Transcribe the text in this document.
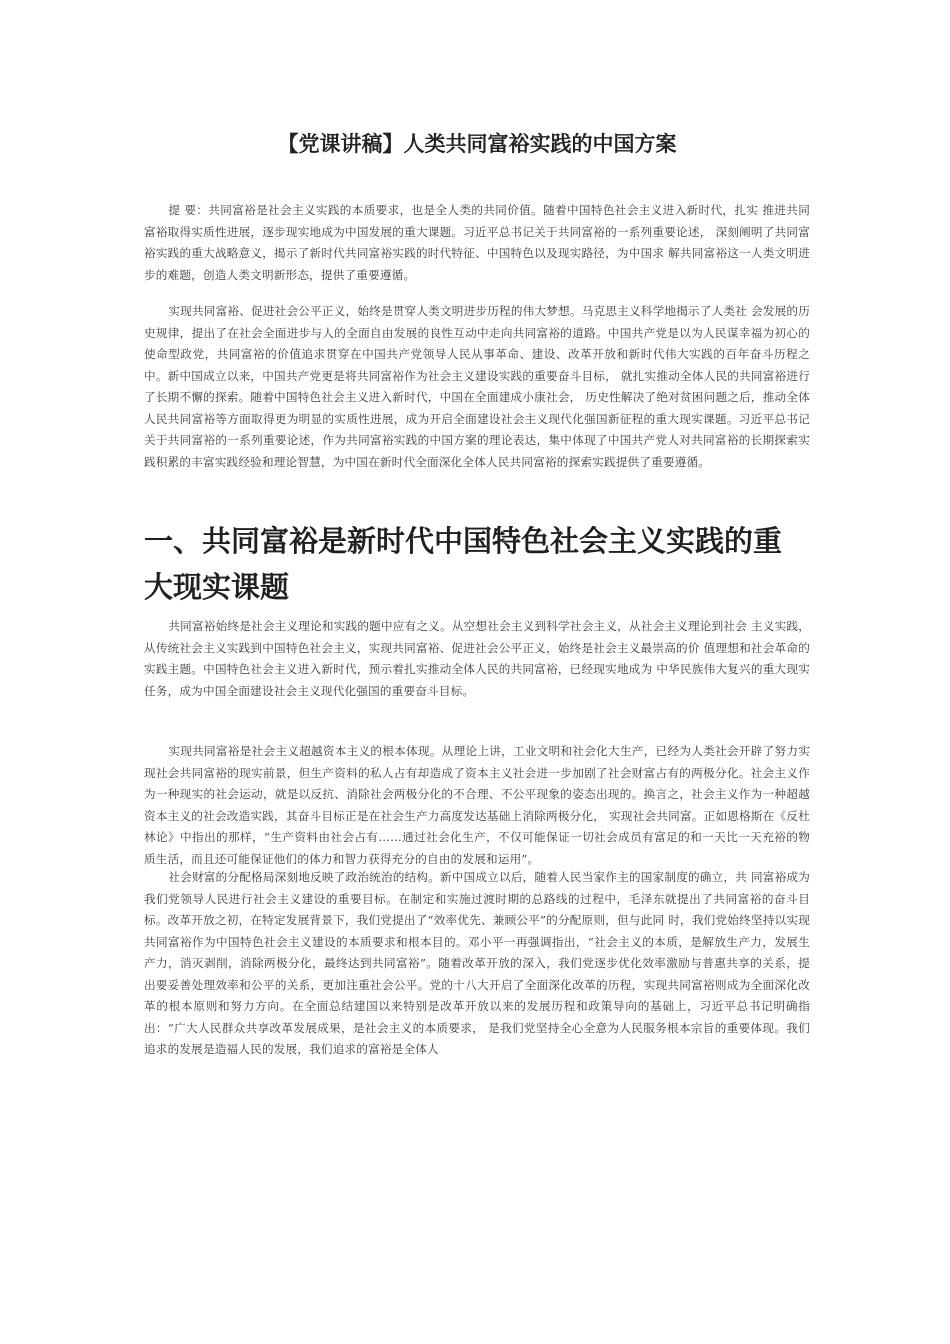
【党课讲稿】人类共同富裕实践的中国方案

提 要：共同富裕是社会主义实践的本质要求，也是全人类的共同价值。随着中国特色社会主义进入新时代，扎实 推进共同富裕取得实质性进展，逐步现实地成为中国发展的重大课题。习近平总书记关于共同富裕的一系列重要论述， 深刻阐明了共同富裕实践的重大战略意义，揭示了新时代共同富裕实践的时代特征、中国特色以及现实路径，为中国求 解共同富裕这一人类文明进步的难题，创造人类文明新形态，提供了重要遵循。

实现共同富裕、促进社会公平正义，始终是贯穿人类文明进步历程的伟大梦想。马克思主义科学地揭示了人类社 会发展的历史规律，提出了在社会全面进步与人的全面自由发展的良性互动中走向共同富裕的道路。中国共产党是以为人民谋幸福为初心的使命型政党，共同富裕的价值追求贯穿在中国共产党领导人民从事革命、建设、改革开放和新时代伟大实践的百年奋斗历程之中。新中国成立以来，中国共产党更是将共同富裕作为社会主义建设实践的重要奋斗目标， 就扎实推动全体人民的共同富裕进行了长期不懈的探索。随着中国特色社会主义进入新时代，中国在全面建成小康社会， 历史性解决了绝对贫困问题之后，推动全体人民共同富裕等方面取得更为明显的实质性进展，成为开启全面建设社会主义现代化强国新征程的重大现实课题。习近平总书记关于共同富裕的一系列重要论述，作为共同富裕实践的中国方案的理论表达，集中体现了中国共产党人对共同富裕的长期探索实践积累的丰富实践经验和理论智慧，为中国在新时代全面深化全体人民共同富裕的探索实践提供了重要遵循。

一、共同富裕是新时代中国特色社会主义实践的重大现实课题

共同富裕始终是社会主义理论和实践的题中应有之义。从空想社会主义到科学社会主义，从社会主义理论到社会 主义实践，从传统社会主义实践到中国特色社会主义，实现共同富裕、促进社会公平正义，始终是社会主义最崇高的价 值理想和社会革命的实践主题。中国特色社会主义进入新时代，预示着扎实推动全体人民的共同富裕，已经现实地成为 中华民族伟大复兴的重大现实任务，成为中国全面建设社会主义现代化强国的重要奋斗目标。

实现共同富裕是社会主义超越资本主义的根本体现。从理论上讲，工业文明和社会化大生产，已经为人类社会开辟了努力实现社会共同富裕的现实前景，但生产资料的私人占有却造成了资本主义社会进一步加剧了社会财富占有的两极分化。社会主义作为一种现实的社会运动，就是以反抗、消除社会两极分化的不合理、不公平现象的姿态出现的。换言之，社会主义作为一种超越资本主义的社会改造实践，其奋斗目标正是在社会生产力高度发达基础上消除两极分化， 实现社会共同富。正如恩格斯在《反杜林论》中指出的那样，“生产资料由社会占有……通过社会化生产，不仅可能保证一切社会成员有富足的和一天比一天充裕的物质生活，而且还可能保证他们的体力和智力获得充分的自由的发展和运用”。

社会财富的分配格局深刻地反映了政治统治的结构。新中国成立以后，随着人民当家作主的国家制度的确立，共 同富裕成为我们党领导人民进行社会主义建设的重要目标。在制定和实施过渡时期的总路线的过程中，毛泽东就提出了共同富裕的奋斗目标。改革开放之初，在特定发展背景下，我们党提出了“效率优先、兼顾公平”的分配原则，但与此同 时，我们党始终坚持以实现共同富裕作为中国特色社会主义建设的本质要求和根本目的。邓小平一再强调指出，“社会主义的本质，是解放生产力，发展生产力，消灭剥削，消除两极分化，最终达到共同富裕”。随着改革开放的深入，我们党逐步优化效率激励与普惠共享的关系，提出要妥善处理效率和公平的关系，更加注重社会公平。党的十八大开启了全面深化改革的历程，实现共同富裕则成为全面深化改革的根本原则和努力方向。在全面总结建国以来特别是改革开放以来的发展历程和政策导向的基础上，习近平总书记明确指出：“广大人民群众共享改革发展成果，是社会主义的本质要求， 是我们党坚持全心全意为人民服务根本宗旨的重要体现。我们追求的发展是造福人民的发展，我们追求的富裕是全体人
